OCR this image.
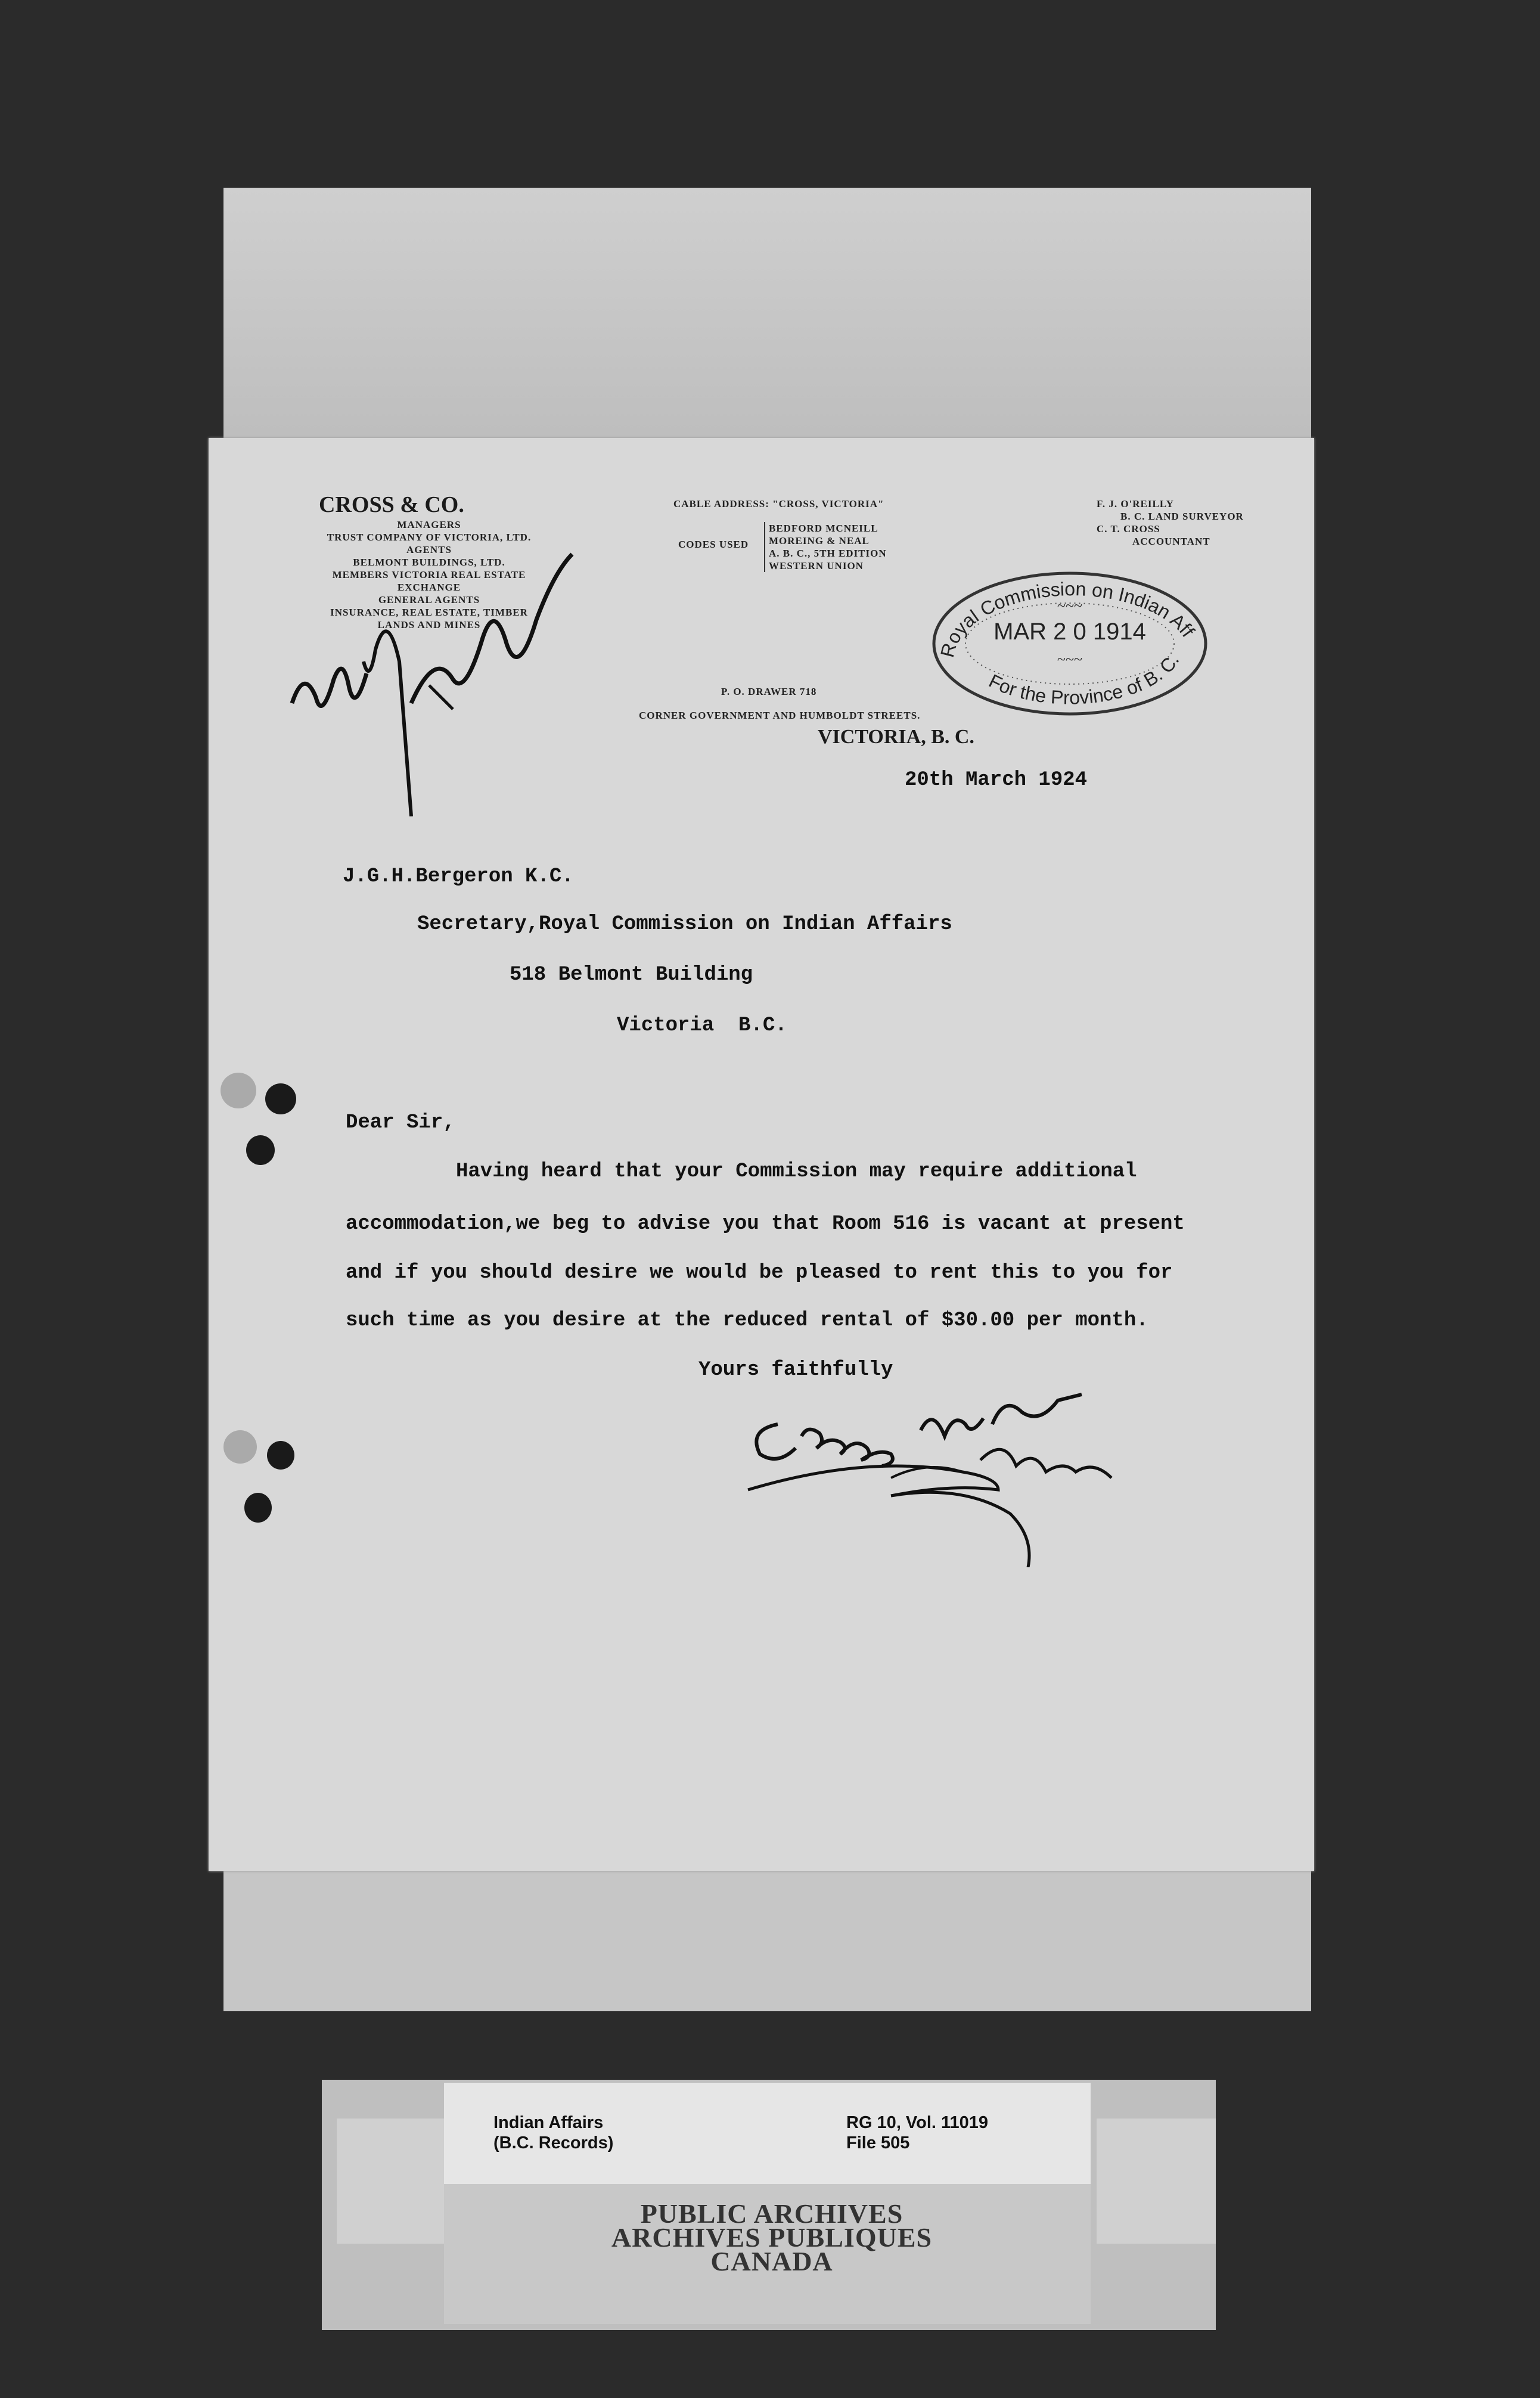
CROSS & CO.
MANAGERS
TRUST COMPANY OF VICTORIA, LTD.
AGENTS
BELMONT BUILDINGS, LTD.
MEMBERS VICTORIA REAL ESTATE
EXCHANGE
GENERAL AGENTS
INSURANCE, REAL ESTATE, TIMBER
LANDS AND MINES
CABLE ADDRESS: "CROSS, VICTORIA"
CODES USED
BEDFORD MCNEILL
MOREING & NEAL
A. B. C., 5TH EDITION
WESTERN UNION
F. J. O'REILLY
B. C. LAND SURVEYOR
C. T. CROSS
ACCOUNTANT
P. O. DRAWER 718
CORNER GOVERNMENT AND HUMBOLDT STREETS.
VICTORIA, B. C.
Royal Commission on Indian Aff
MAR 2 0 1914
~~~
~~~
For the Province of B. C.
20th March 1924
J.G.H.Bergeron K.C.
Secretary,Royal Commission on Indian Affairs
518 Belmont Building
Victoria  B.C.
Dear Sir,
Having heard that your Commission may require additional
accommodation,we beg to advise you that Room 516 is vacant at present
and if you should desire we would be pleased to rent this to you for
such time as you desire at the reduced rental of $30.00 per month.
Yours faithfully
Indian Affairs
(B.C. Records)
RG 10, Vol. 11019
File 505
PUBLIC ARCHIVES
ARCHIVES PUBLIQUES
CANADA
